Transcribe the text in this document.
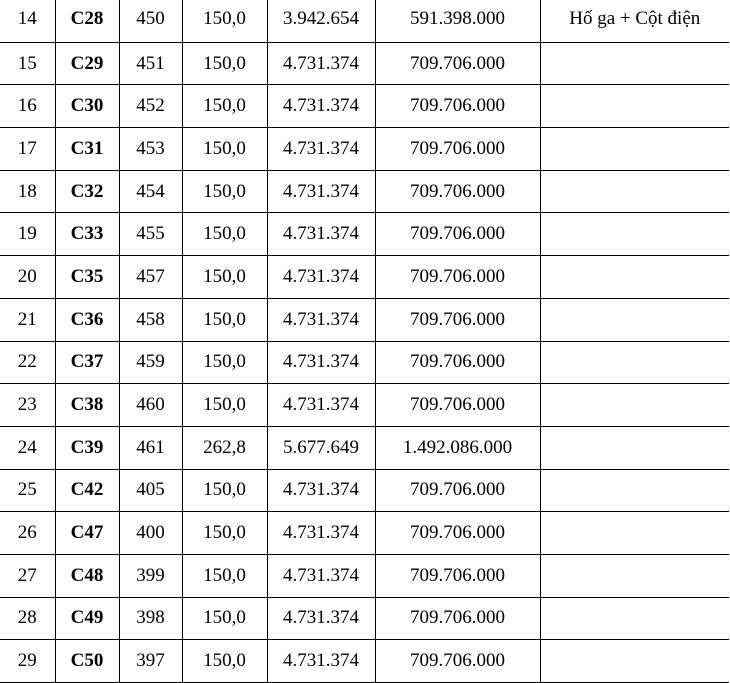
14	C28	450	150,0	3.942.654	591.398.000	Hố ga + Cột điện
15	C29	451	150,0	4.731.374	709.706.000	
16	C30	452	150,0	4.731.374	709.706.000	
17	C31	453	150,0	4.731.374	709.706.000	
18	C32	454	150,0	4.731.374	709.706.000	
19	C33	455	150,0	4.731.374	709.706.000	
20	C35	457	150,0	4.731.374	709.706.000	
21	C36	458	150,0	4.731.374	709.706.000	
22	C37	459	150,0	4.731.374	709.706.000	
23	C38	460	150,0	4.731.374	709.706.000	
24	C39	461	262,8	5.677.649	1.492.086.000	
25	C42	405	150,0	4.731.374	709.706.000	
26	C47	400	150,0	4.731.374	709.706.000	
27	C48	399	150,0	4.731.374	709.706.000	
28	C49	398	150,0	4.731.374	709.706.000	
29	C50	397	150,0	4.731.374	709.706.000	
